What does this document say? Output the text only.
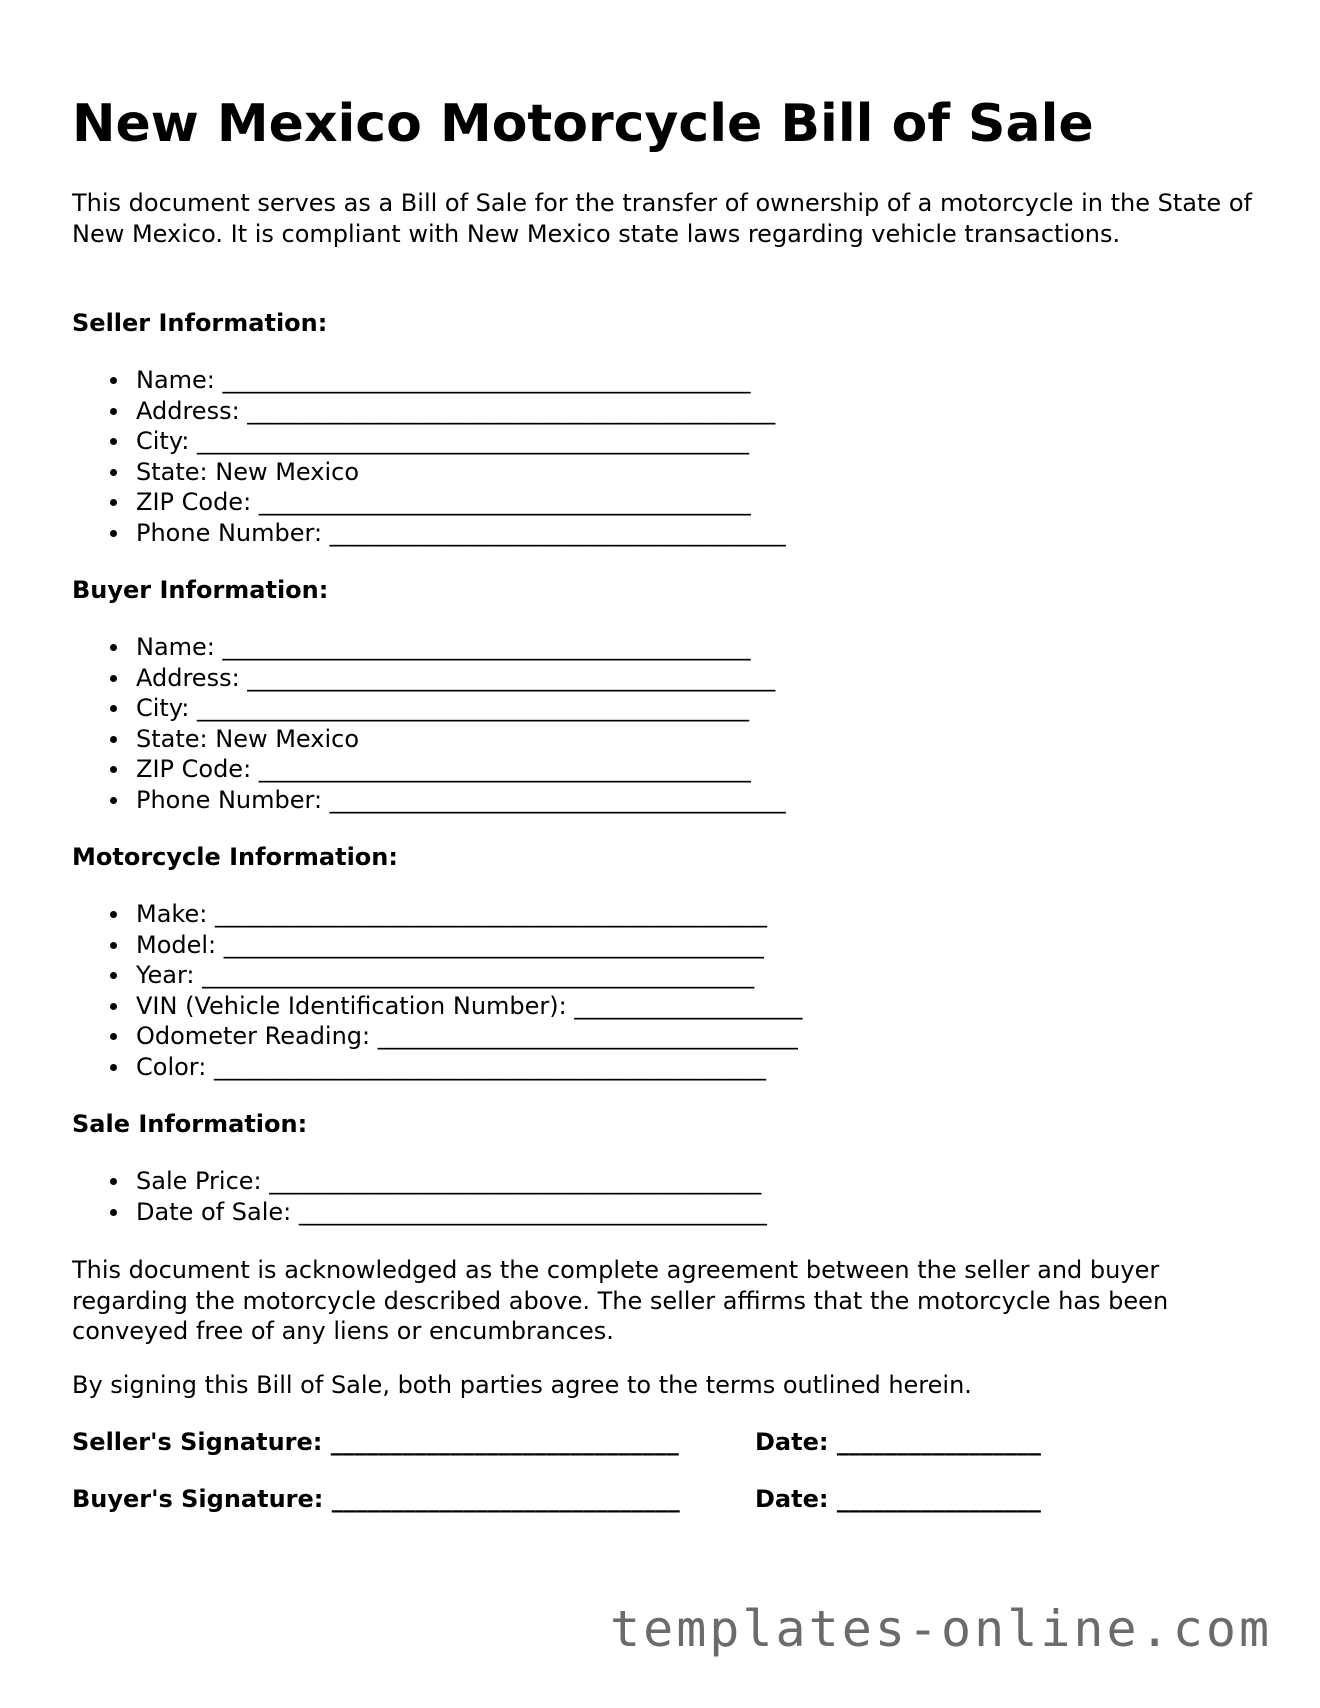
New Mexico Motorcycle Bill of Sale

This document serves as a Bill of Sale for the transfer of ownership of a motorcycle in the State of New Mexico. It is compliant with New Mexico state laws regarding vehicle transactions.

Seller Information:

Name: ____________________________________________
Address: ____________________________________________
City: ______________________________________________
State: New Mexico
ZIP Code: _________________________________________
Phone Number: ______________________________________

Buyer Information:

Name: ____________________________________________
Address: ____________________________________________
City: ______________________________________________
State: New Mexico
ZIP Code: _________________________________________
Phone Number: ______________________________________

Motorcycle Information:

Make: ______________________________________________
Model: _____________________________________________
Year: ______________________________________________
VIN (Vehicle Identification Number): ___________________
Odometer Reading: ___________________________________
Color: ______________________________________________

Sale Information:

Sale Price: _________________________________________
Date of Sale: _______________________________________

This document is acknowledged as the complete agreement between the seller and buyer regarding the motorcycle described above. The seller affirms that the motorcycle has been conveyed free of any liens or encumbrances.

By signing this Bill of Sale, both parties agree to the terms outlined herein.

Seller's Signature: _____________________________	Date: _________________
Buyer's Signature: _____________________________	Date: _________________
templates-online.com
